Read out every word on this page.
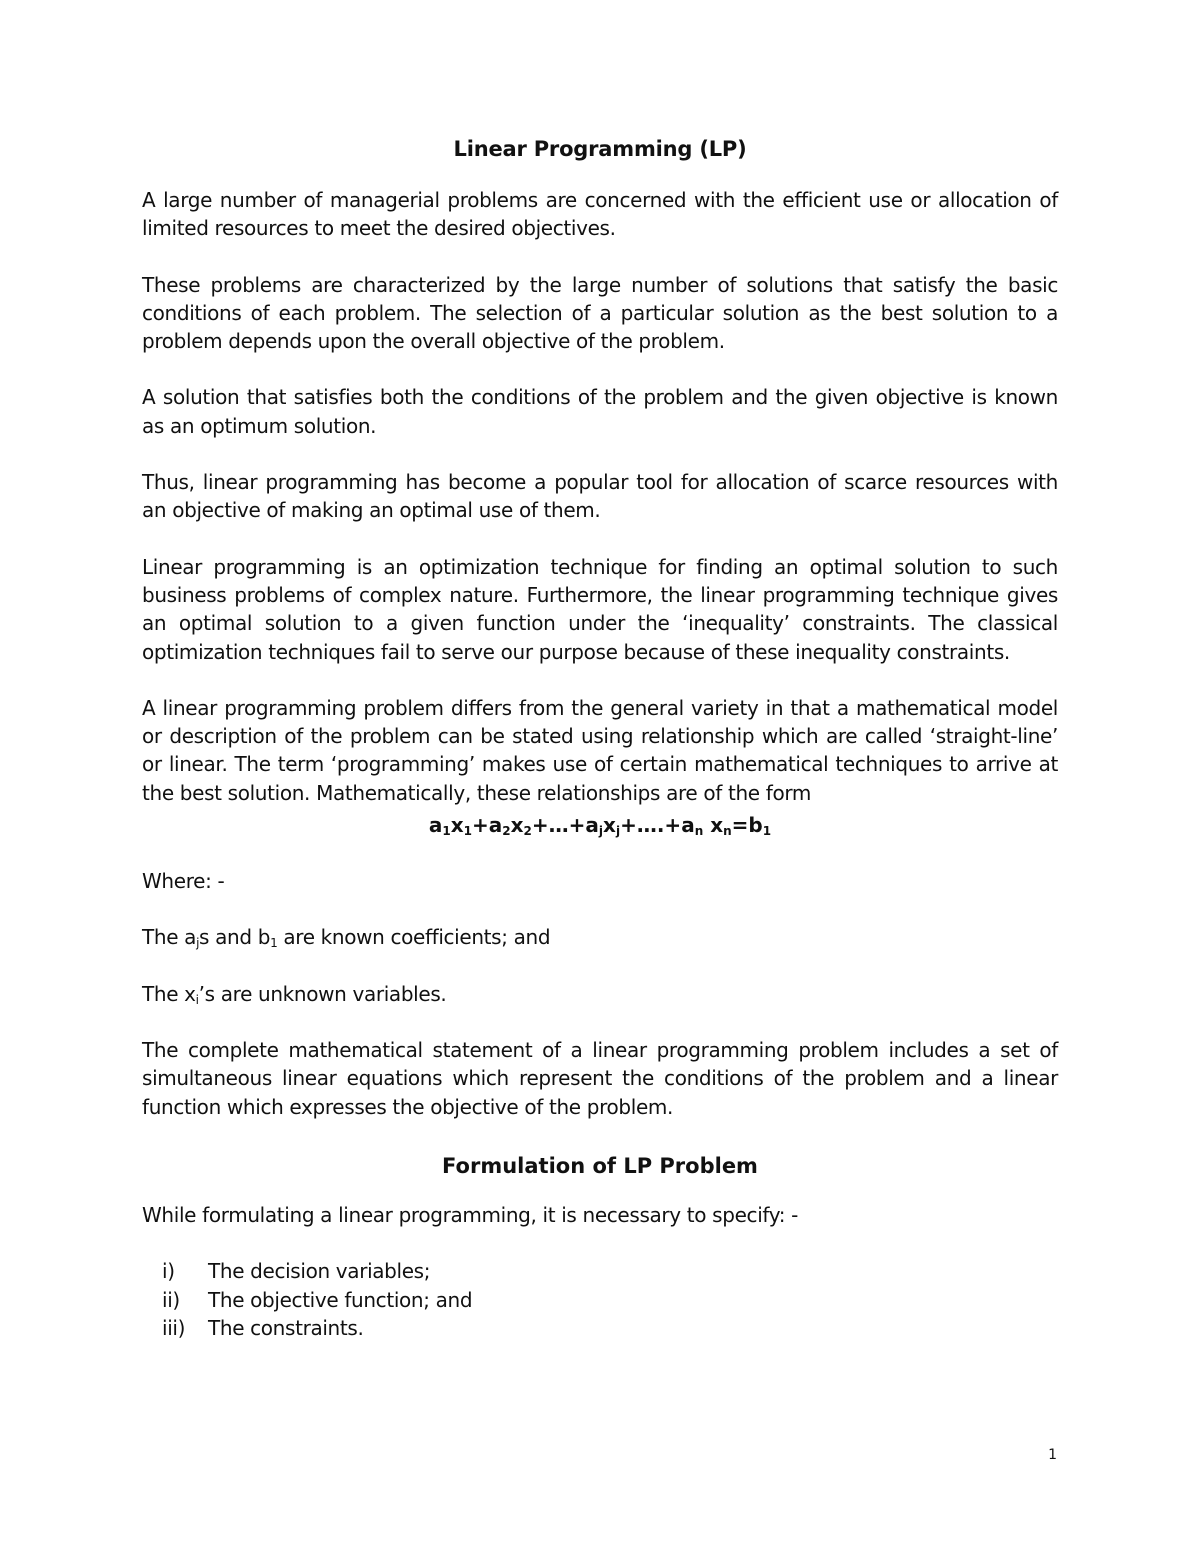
Linear Programming (LP)

A large number of managerial problems are concerned with the efficient use or allocation of limited resources to meet the desired objectives.

These problems are characterized by the large number of solutions that satisfy the basic conditions of each problem. The selection of a particular solution as the best solution to a problem depends upon the overall objective of the problem.

A solution that satisfies both the conditions of the problem and the given objective is known as an optimum solution.

Thus, linear programming has become a popular tool for allocation of scarce resources with an objective of making an optimal use of them.

Linear programming is an optimization technique for finding an optimal solution to such business problems of complex nature. Furthermore, the linear programming technique gives an optimal solution to a given function under the ‘inequality’ constraints. The classical optimization techniques fail to serve our purpose because of these inequality constraints.

A linear programming problem differs from the general variety in that a mathematical model or description of the problem can be stated using relationship which are called ‘straight-line’ or linear. The term ‘programming’ makes use of certain mathematical techniques to arrive at the best solution. Mathematically, these relationships are of the form

$a_1x_1+a_2x_2+\dots+a_jx_j+\dots.+a_n$ $x_n=b_1$

Where: -

The $a_js$ and $b_1$ are known coefficients; and

The $x_i’s$ are unknown variables.

The complete mathematical statement of a linear programming problem includes a set of simultaneous linear equations which represent the conditions of the problem and a linear function which expresses the objective of the problem.

Formulation of LP Problem

While formulating a linear programming, it is necessary to specify: -

i)	The decision variables;
ii)	The objective function; and
iii)	The constraints.
1
